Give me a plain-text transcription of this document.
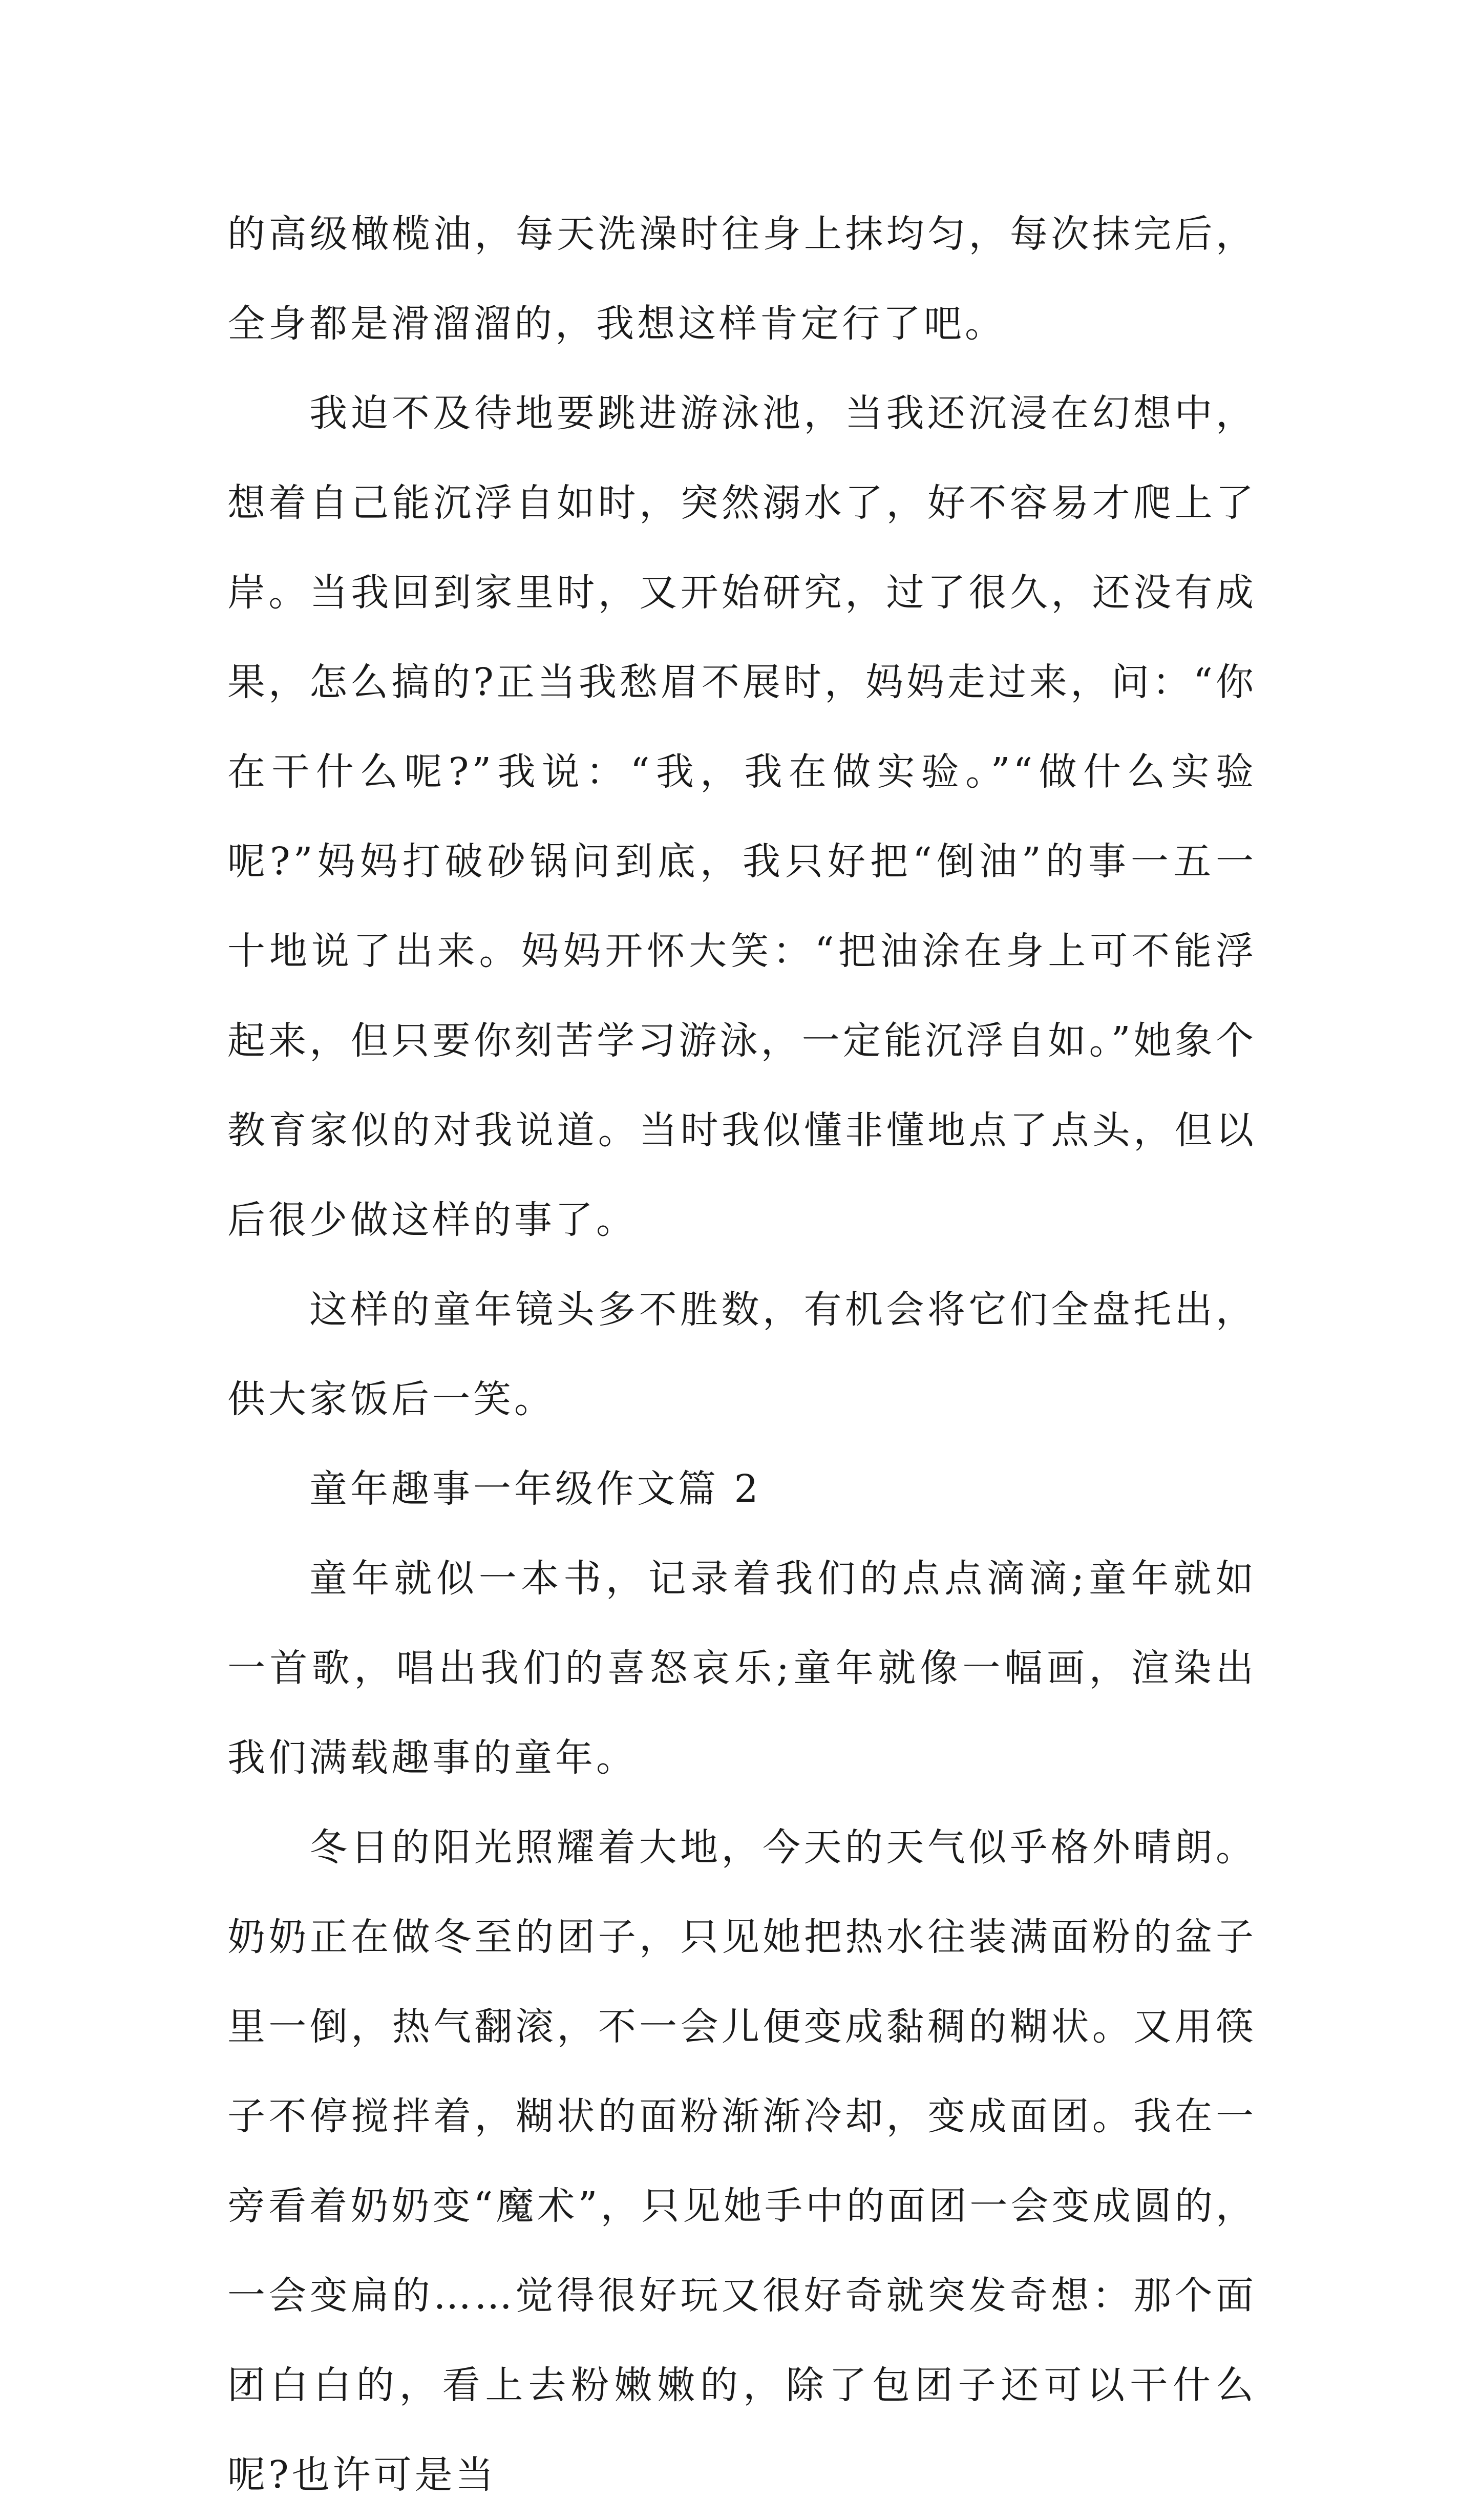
的高级橄榄油，每天洗澡时往身上抹均匀，每次抹完后，全身都是滑溜溜的，我想这样肯定行了吧。

我迫不及待地要跳进游泳池，当我还沉浸在幻想中，想着自己能沉浮自如时，突然溺水了，好不容易才爬上了岸。当我回到家里时，又开始研究，过了很久，还没有成果，怎么搞的?正当我愁眉不展时，妈妈走过来，问：“你在干什么呢?”我说：“我，我在做实验。”“做什么实验呢?”妈妈打破砂锅问到底，我只好把“倒油”的事一五一十地说了出来。妈妈开怀大笑：“把油涂在身上可不能浮起来，但只要你刻苦学习游泳，一定能沉浮自如。”她象个教育家似的对我说道。当时我似懂非懂地点了点头，但以后很少做这样的事了。

这样的童年镜头多不胜数，有机会将它们全盘托出，供大家饭后一笑。

童年趣事一年级作文篇 2

童年就似一本书，记录着我们的点点滴滴;童年就如一首歌，唱出我们的喜怒哀乐;童年就像一幅画，渲染出我们满载趣事的童年。

冬日的阳光照耀着大地，今天的天气似乎格外晴朗。奶奶正在做冬至的团子，只见她把热水往装满面粉的盆子里一倒，热气翻滚，不一会儿便变成黏稠的糊状。又用筷子不停搅拌着，糊状的面粉渐渐冷却，变成面团。我在一旁看着奶奶变“魔术”，只见她手中的面团一会变成圆的，一会变扁的……觉得很好玩又很好奇就突发奇想：那个面团白白的，看上去粉嫩嫩的，除了包团子还可以干什么呢?也许可是当
